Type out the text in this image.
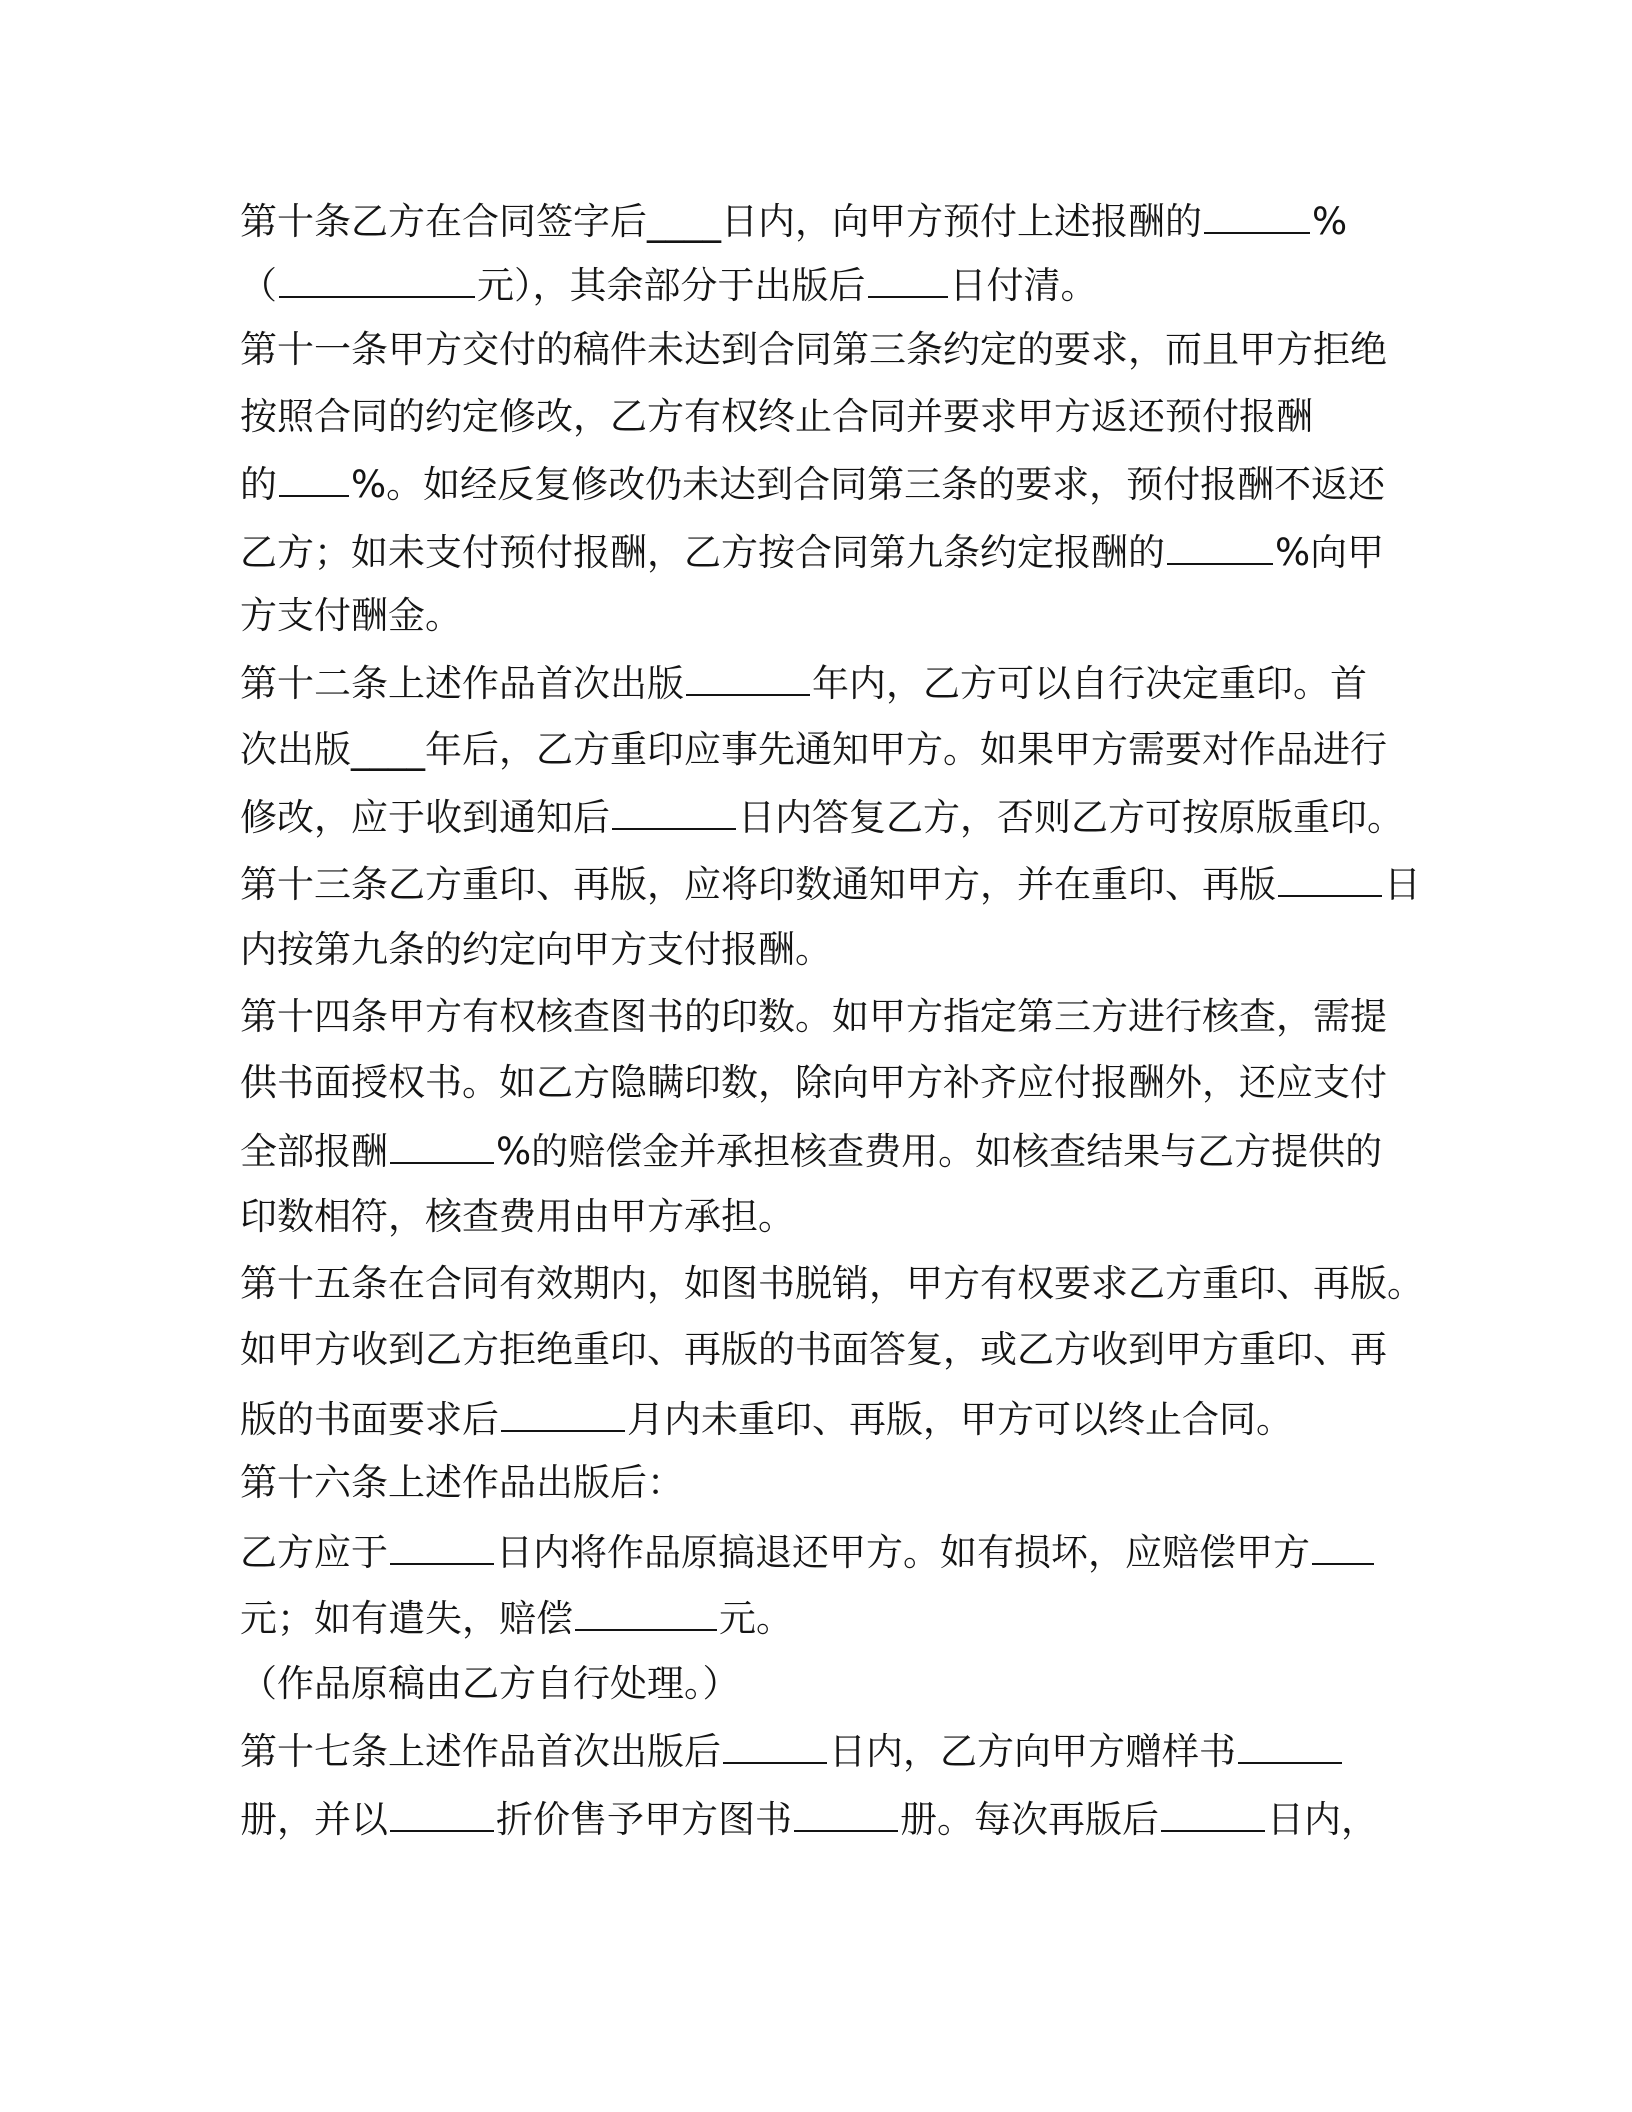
第十条乙方在合同签字后____日内，向甲方预付上述报酬的	%
（	元），其余部分于出版后 日付清。
第十一条甲方交付的稿件未达到合同第三条约定的要求，而且甲方拒绝
按照合同的约定修改，乙方有权终止合同并要求甲方返还预付报酬
的 %。如经反复修改仍未达到合同第三条的要求，预付报酬不返还
乙方；如未支付预付报酬，乙方按合同第九条约定报酬的	%向甲
方支付酬金。
第十二条上述作品首次出版	年内，乙方可以自行决定重印。首
次出版____年后，乙方重印应事先通知甲方。如果甲方需要对作品进行
修改，应于收到通知后	日内答复乙方，否则乙方可按原版重印。
第十三条乙方重印、再版，应将印数通知甲方，并在重印、再版	日
内按第九条的约定向甲方支付报酬。
第十四条甲方有权核查图书的印数。如甲方指定第三方进行核查，需提
供书面授权书。如乙方隐瞒印数，除向甲方补齐应付报酬外，还应支付
全部报酬	%的赔偿金并承担核查费用。如核查结果与乙方提供的
印数相符，核查费用由甲方承担。
第十五条在合同有效期内，如图书脱销，甲方有权要求乙方重印、再版。
如甲方收到乙方拒绝重印、再版的书面答复，或乙方收到甲方重印、再
版的书面要求后	月内未重印、再版，甲方可以终止合同。
第十六条上述作品出版后：
乙方应于	日内将作品原搞退还甲方。如有损坏，应赔偿甲方
元；如有遣失，赔偿	元。
（作品原稿由乙方自行处理。）
第十七条上述作品首次出版后	日内，乙方向甲方赠样书
册，并以	折价售予甲方图书	册。每次再版后	日内，
